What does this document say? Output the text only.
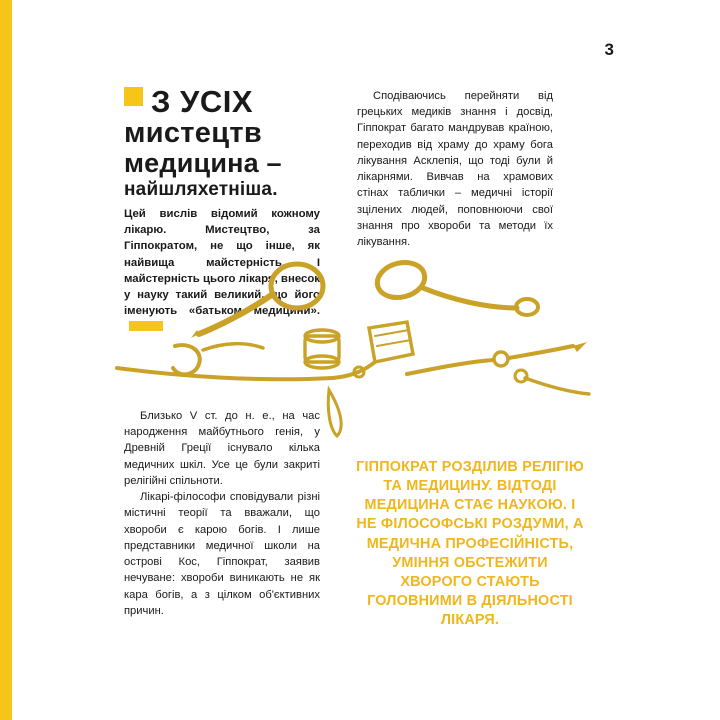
3
З УСІХ
мистецтв
медицина –
найшляхетніша.
Цей вислів відомий кожному лікарю. Мистецтво, за Гіппократом, не що інше, як найвища майстерність. І майстерність цього лікаря, внесок у науку такий великий, що його іменують «батьком медицини».

Сподіваючись перейняти від грецьких медиків знання і досвід, Гіппократ багато мандрував країною, переходив від храму до храму бога лікування Асклепія, що тоді були й лікарнями. Вивчав на храмових стінах таблички – медичні історії зцілених людей, поповнюючи свої знання про хвороби та методи їх лікування.

Близько V ст. до н. е., на час народження майбутнього генія, у Древній Греції існувало кілька медичних шкіл. Усе це були закриті релігійні спільноти.

Лікарі-філософи сповідували різні містичні теорії та вважали, що хвороби є карою богів. І лише представники медичної школи на острові Кос, Гіппократ, заявив нечуване: хвороби виникають не як кара богів, а з цілком об'єктивних причин.

ГІППОКРАТ РОЗДІЛИВ РЕЛІГІЮ ТА МЕДИЦИНУ. ВІДТОДІ МЕДИЦИНА СТАЄ НАУКОЮ. І НЕ ФІЛОСОФСЬКІ РОЗДУМИ, А МЕДИЧНА ПРОФЕСІЙНІСТЬ, УМІННЯ ОБСТЕЖИТИ ХВОРОГО СТАЮТЬ ГОЛОВНИМИ В ДІЯЛЬНОСТІ ЛІКАРЯ.
